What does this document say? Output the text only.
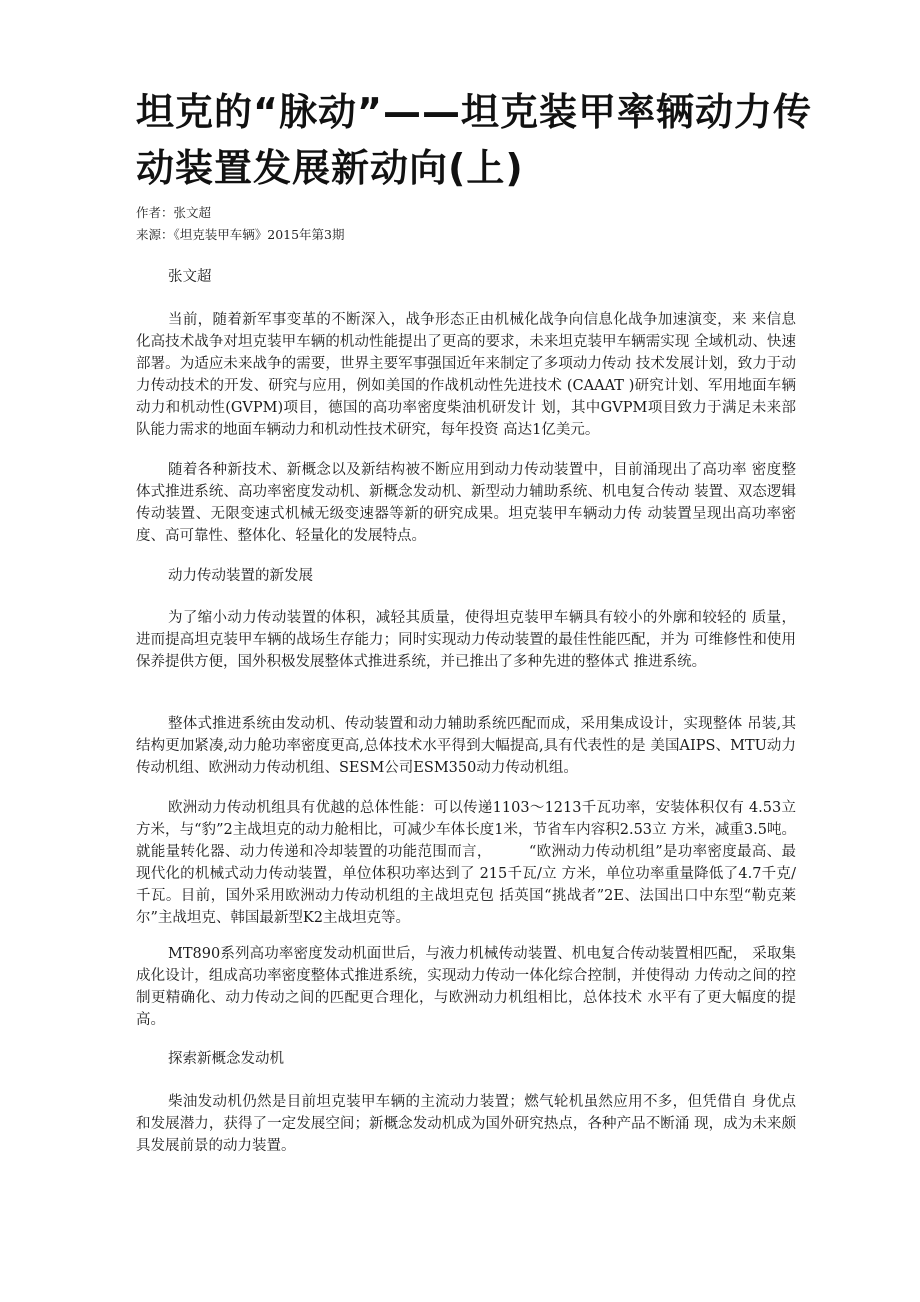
坦克的“脉动”——坦克装甲率辆动力传动装置发展新动向(上)
作者：张文超
来源：《坦克装甲车辆》2015年第3期

张文超

当前，随着新军事变革的不断深入，战争形态正由机械化战争向信息化战争加速演变，来 来信息化高技术战争对坦克装甲车辆的机动性能提出了更高的要求，未来坦克装甲车辆需实现 全域机动、快速部署。为适应未来战争的需要，世界主要军事强国近年来制定了多项动力传动 技术发展计划，致力于动力传动技术的开发、研究与应用，例如美国的作战机动性先进技术 (CAAAT )研究计划、军用地面车辆动力和机动性(GVPM)项目，德国的高功率密度柴油机研发计 划，其中GVPM项目致力于满足未来部队能力需求的地面车辆动力和机动性技术研究，每年投资 高达1亿美元。

随着各种新技术、新概念以及新结构被不断应用到动力传动装置中，目前涌现出了高功率 密度整体式推进系统、高功率密度发动机、新概念发动机、新型动力辅助系统、机电复合传动 装置、双态逻辑传动装置、无限变速式机械无级变速器等新的研究成果。坦克装甲车辆动力传 动装置呈现出高功率密度、高可靠性、整体化、轻量化的发展特点。

动力传动装置的新发展

为了缩小动力传动装置的体积，减轻其质量，使得坦克装甲车辆具有较小的外廓和较轻的 质量，进而提高坦克装甲车辆的战场生存能力；同时实现动力传动装置的最佳性能匹配，并为 可维修性和使用保养提供方便，国外积极发展整体式推进系统，并已推出了多种先进的整体式 推进系统。

整体式推进系统由发动机、传动装置和动力辅助系统匹配而成，采用集成设计，实现整体 吊装,其结构更加紧凑,动力舱功率密度更高,总体技术水平得到大幅提高,具有代表性的是 美国AIPS、MTU动力传动机组、欧洲动力传动机组、SESM公司ESM350动力传动机组。

欧洲动力传动机组具有优越的总体性能：可以传递1103～1213千瓦功率，安装体积仅有 4.53立方米，与“豹”2主战坦克的动力舱相比，可减少车体长度1米，节省车内容积2.53立 方米，减重3.5吨。就能量转化器、动力传递和冷却装置的功能范围而言，　　　“欧洲动力传动机组”是功率密度最高、最现代化的机械式动力传动装置，单位体积功率达到了 215千瓦/立 方米，单位功率重量降低了4.7千克/千瓦。目前，国外采用欧洲动力传动机组的主战坦克包 括英国“挑战者”2E、法国出口中东型“勒克莱尔”主战坦克、韩国最新型K2主战坦克等。

MT890系列高功率密度发动机面世后，与液力机械传动装置、机电复合传动装置相匹配， 采取集成化设计，组成高功率密度整体式推进系统，实现动力传动一体化综合控制，并使得动 力传动之间的控制更精确化、动力传动之间的匹配更合理化，与欧洲动力机组相比，总体技术 水平有了更大幅度的提高。

探索新概念发动机

柴油发动机仍然是目前坦克装甲车辆的主流动力装置；燃气轮机虽然应用不多，但凭借自 身优点和发展潜力，获得了一定发展空间；新概念发动机成为国外研究热点，各种产品不断涌 现，成为未来颇具发展前景的动力装置。
